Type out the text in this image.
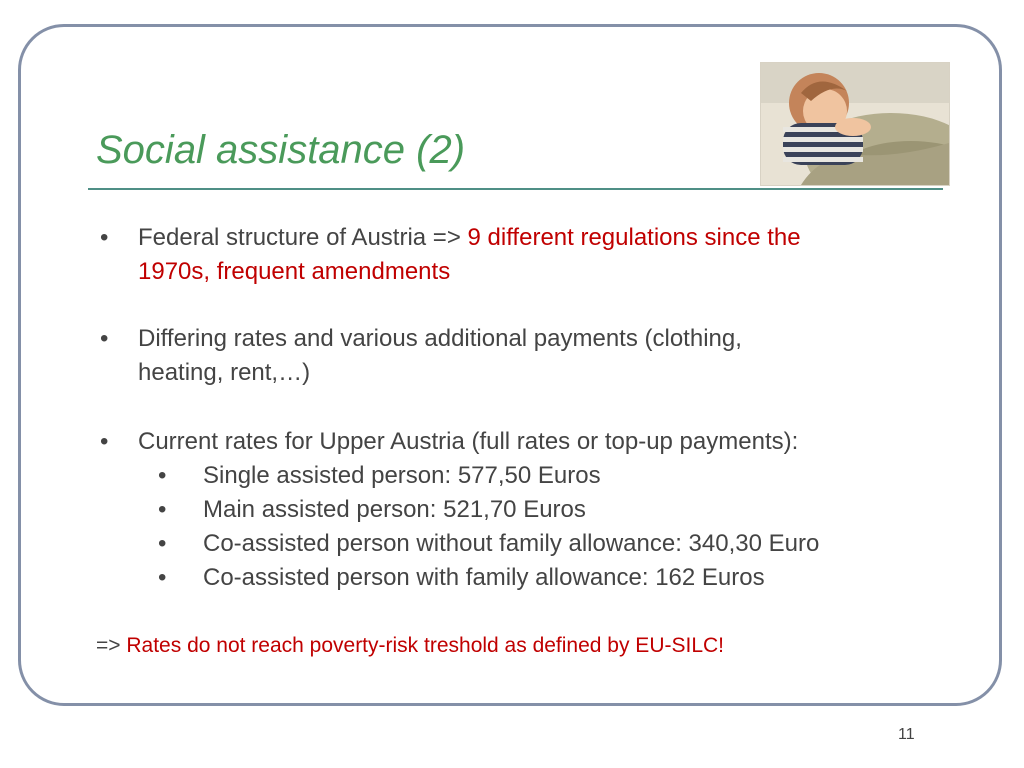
Social assistance (2)
• Federal structure of Austria => 9 different regulations since the
1970s, frequent amendments
• Differing rates and various additional payments (clothing,
heating, rent,…)
• Current rates for Upper Austria (full rates or top-up payments):
• Single assisted person: 577,50 Euros
• Main assisted person: 521,70 Euros
• Co-assisted person without family allowance: 340,30 Euro
• Co-assisted person with family allowance: 162 Euros
=> Rates do not reach poverty-risk treshold as defined by EU-SILC!
11
